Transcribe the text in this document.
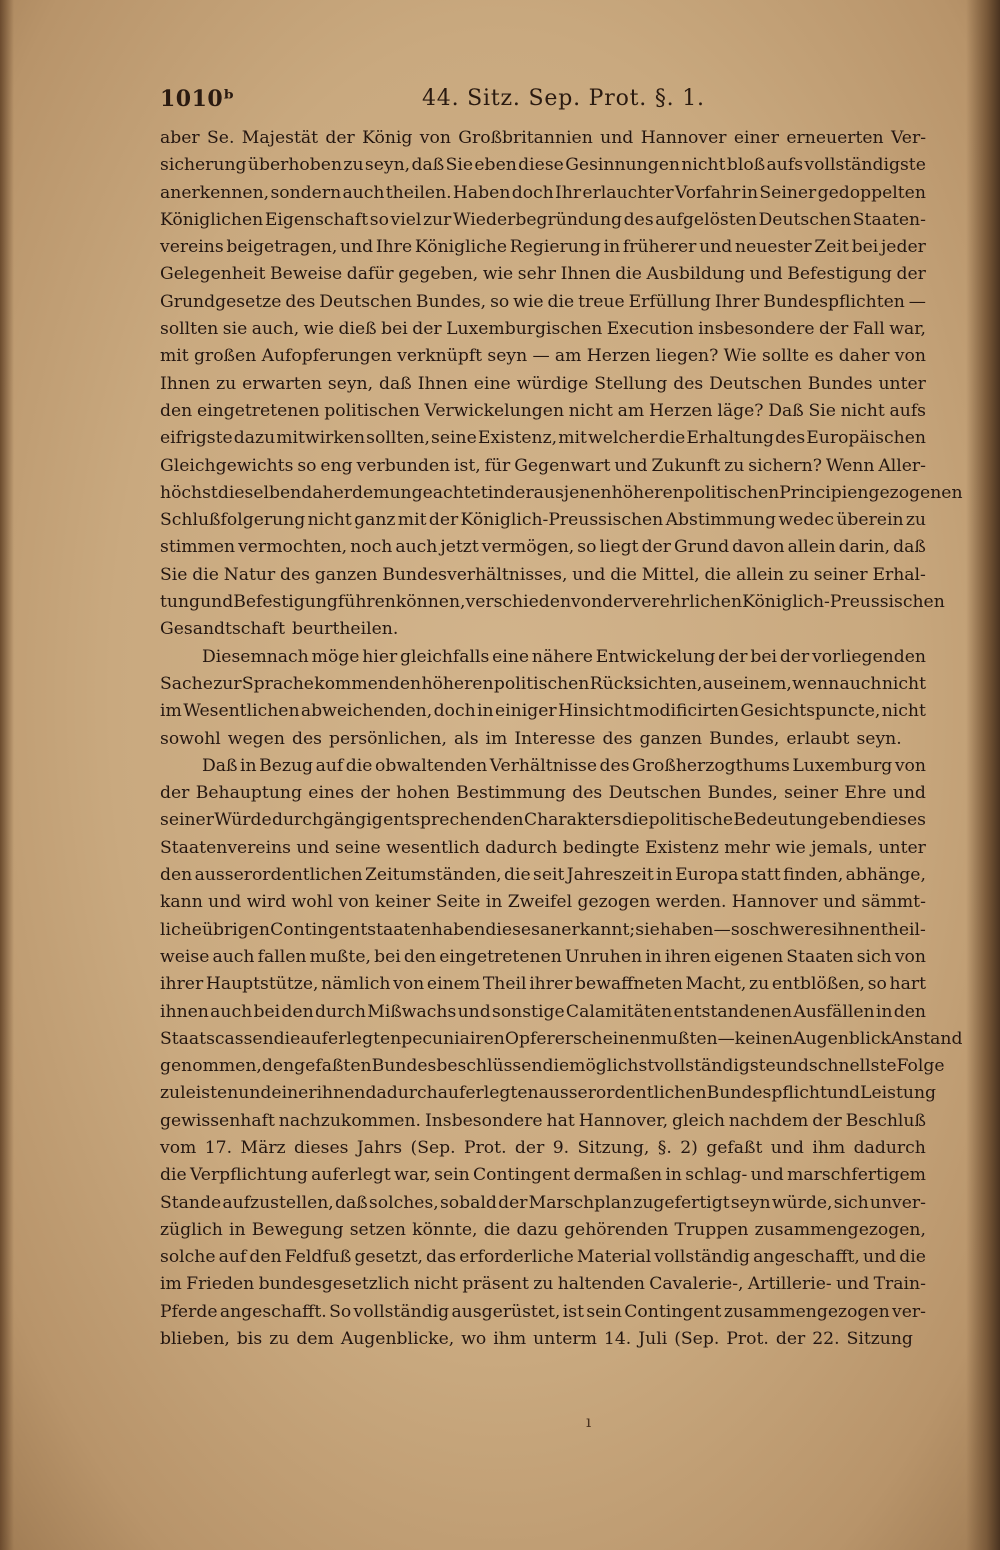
1010ᵇ	44. Sitz. Sep. Prot. §. 1.
aber Se. Majestät der König von Großbritannien und Hannover einer erneuerten Ver-
sicherung überhoben zu seyn, daß Sie eben diese Gesinnungen nicht bloß aufs vollständigste
anerkennen, sondern auch theilen. Haben doch Ihr erlauchter Vorfahr in Seiner gedoppelten
Königlichen Eigenschaft so viel zur Wiederbegründung des aufgelösten Deutschen Staaten-
vereins beigetragen, und Ihre Königliche Regierung in früherer und neuester Zeit bei jeder
Gelegenheit Beweise dafür gegeben, wie sehr Ihnen die Ausbildung und Befestigung der
Grundgesetze des Deutschen Bundes, so wie die treue Erfüllung Ihrer Bundespflichten —
sollten sie auch, wie dieß bei der Luxemburgischen Execution insbesondere der Fall war,
mit großen Aufopferungen verknüpft seyn — am Herzen liegen? Wie sollte es daher von
Ihnen zu erwarten seyn, daß Ihnen eine würdige Stellung des Deutschen Bundes unter
den eingetretenen politischen Verwickelungen nicht am Herzen läge? Daß Sie nicht aufs
eifrigste dazu mitwirken sollten, seine Existenz, mit welcher die Erhaltung des Europäischen
Gleichgewichts so eng verbunden ist, für Gegenwart und Zukunft zu sichern? Wenn Aller-
höchstdieselben daher demungeachtet in der aus jenen höheren politischen Principien gezogenen
Schlußfolgerung nicht ganz mit der Königlich-Preussischen Abstimmung wedec überein zu
stimmen vermochten, noch auch jetzt vermögen, so liegt der Grund davon allein darin, daß
Sie die Natur des ganzen Bundesverhältnisses, und die Mittel, die allein zu seiner Erhal-
tung und Befestigung führen können, verschieden von der verehrlichen Königlich-Preussischen
Gesandtschaft beurtheilen.
Diesemnach möge hier gleichfalls eine nähere Entwickelung der bei der vorliegenden
Sache zur Sprache kommenden höheren politischen Rücksichten, aus einem, wenn auch nicht
im Wesentlichen abweichenden, doch in einiger Hinsicht modificirten Gesichtspuncte, nicht
sowohl wegen des persönlichen, als im Interesse des ganzen Bundes, erlaubt seyn.
Daß in Bezug auf die obwaltenden Verhältnisse des Großherzogthums Luxemburg von
der Behauptung eines der hohen Bestimmung des Deutschen Bundes, seiner Ehre und
seiner Würde durchgängig entsprechenden Charakters die politische Bedeutung eben dieses
Staatenvereins und seine wesentlich dadurch bedingte Existenz mehr wie jemals, unter
den ausserordentlichen Zeitumständen, die seit Jahreszeit in Europa statt finden, abhänge,
kann und wird wohl von keiner Seite in Zweifel gezogen werden. Hannover und sämmt-
liche übrigen Contingentstaaten haben dieses anerkannt; sie haben — so schwer es ihnen theil-
weise auch fallen mußte, bei den eingetretenen Unruhen in ihren eigenen Staaten sich von
ihrer Hauptstütze, nämlich von einem Theil ihrer bewaffneten Macht, zu entblößen, so hart
ihnen auch bei den durch Mißwachs und sonstige Calamitäten entstandenen Ausfällen in den
Staatscassen die auferlegten pecuniairen Opfer erscheinen mußten — keinen Augenblick Anstand
genommen, den gefaßten Bundesbeschlüssen die möglichst vollständigste und schnellste Folge
zu leisten und einer ihnen dadurch auferlegten ausserordentlichen Bundespflicht und Leistung
gewissenhaft nachzukommen. Insbesondere hat Hannover, gleich nachdem der Beschluß
vom 17. März dieses Jahrs (Sep. Prot. der 9. Sitzung, §. 2) gefaßt und ihm dadurch
die Verpflichtung auferlegt war, sein Contingent dermaßen in schlag- und marschfertigem
Stande aufzustellen, daß solches, sobald der Marschplan zugefertigt seyn würde, sich unver-
züglich in Bewegung setzen könnte, die dazu gehörenden Truppen zusammengezogen,
solche auf den Feldfuß gesetzt, das erforderliche Material vollständig angeschafft, und die
im Frieden bundesgesetzlich nicht präsent zu haltenden Cavalerie-, Artillerie- und Train-
Pferde angeschafft. So vollständig ausgerüstet, ist sein Contingent zusammengezogen ver-
blieben, bis zu dem Augenblicke, wo ihm unterm 14. Juli (Sep. Prot. der 22. Sitzung
ı
